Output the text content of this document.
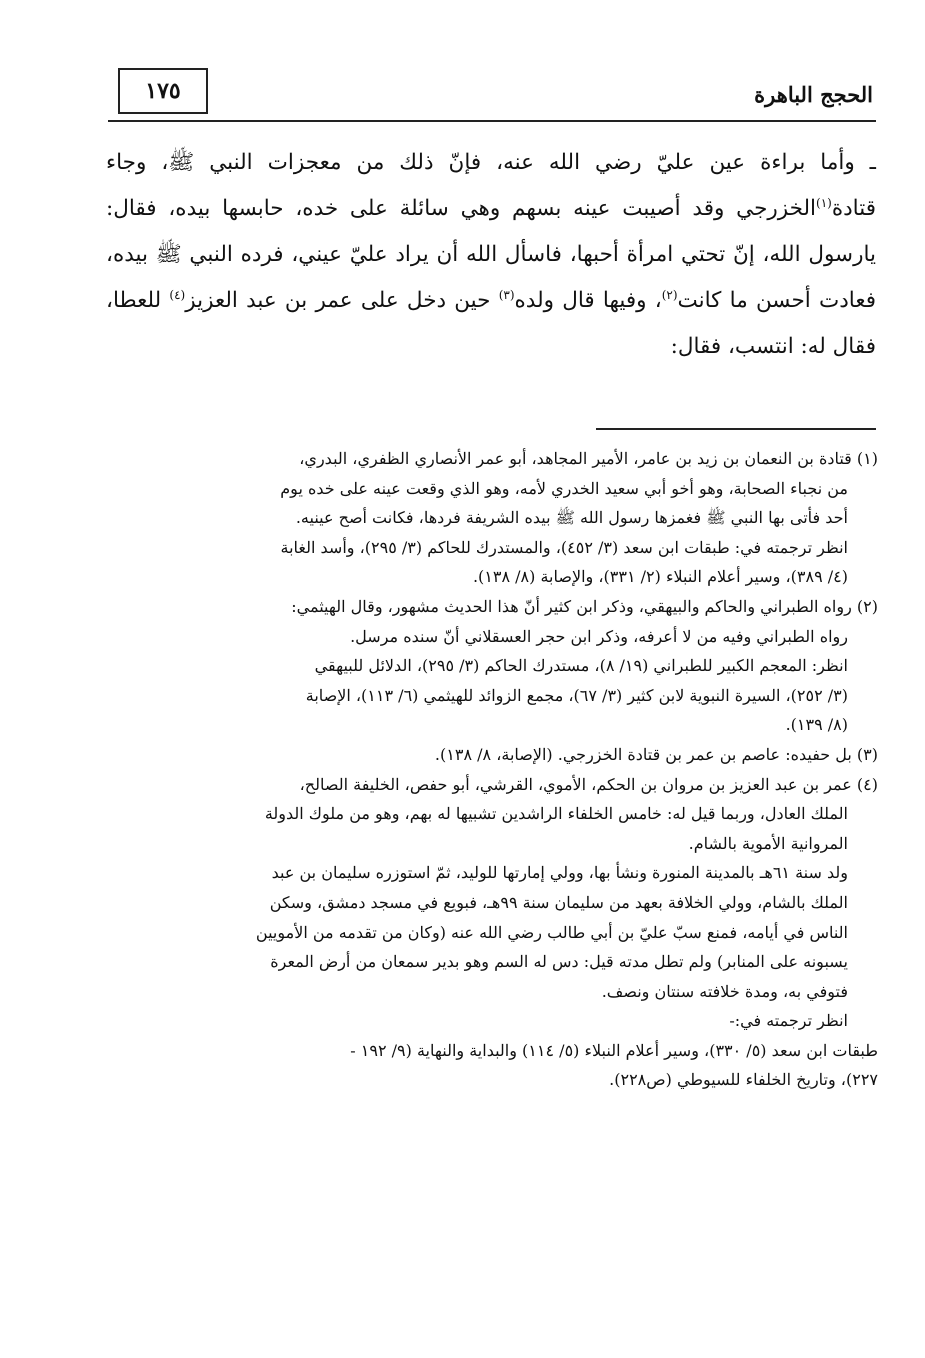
١٧٥	الحجج الباهرة

ـ وأما براءة عين عليّ رضي الله عنه، فإنّ ذلك من معجزات النبي ﷺ، وجاء قتادة$^{(١)}$الخزرجي وقد أصيبت عينه بسهم وهي سائلة على خده، حابسها بيده، فقال: يارسول الله، إنّ تحتي امرأة أحبها، فاسأل الله أن يراد عليّ عيني، فرده النبي ﷺ بيده، فعادت أحسن ما كانت$^{(٢)}$، وفيها قال ولده$^{(٣)}$ حين دخل على عمر بن عبد العزيز$^{(٤)}$ للعطا، فقال له: انتسب، فقال:

(١) قتادة بن النعمان بن زيد بن عامر، الأمير المجاهد، أبو عمر الأنصاري الظفري، البدري،
من نجباء الصحابة، وهو أخو أبي سعيد الخدري لأمه، وهو الذي وقعت عينه على خده يوم
أحد فأتى بها النبي ﷺ فغمزها رسول الله ﷺ بيده الشريفة فردها، فكانت أصح عينيه.
انظر ترجمته في: طبقات ابن سعد (٣/ ٤٥٢)، والمستدرك للحاكم (٣/ ٢٩٥)، وأسد الغابة
(٤/ ٣٨٩)، وسير أعلام النبلاء (٢/ ٣٣١)، والإصابة (٨/ ١٣٨).
(٢) رواه الطبراني والحاكم والبيهقي، وذكر ابن كثير أنّ هذا الحديث مشهور، وقال الهيثمي:
رواه الطبراني وفيه من لا أعرفه، وذكر ابن حجر العسقلاني أنّ سنده مرسل.
انظر: المعجم الكبير للطبراني (١٩/ ٨)، مستدرك الحاكم (٣/ ٢٩٥)، الدلائل للبيهقي
(٣/ ٢٥٢)، السيرة النبوية لابن كثير (٣/ ٦٧)، مجمع الزوائد للهيثمي (٦/ ١١٣)، الإصابة
(٨/ ١٣٩).
(٣) بل حفيده: عاصم بن عمر بن قتادة الخزرجي. (الإصابة، ٨/ ١٣٨).
(٤) عمر بن عبد العزيز بن مروان بن الحكم، الأموي، القرشي، أبو حفص، الخليفة الصالح،
الملك العادل، وربما قيل له: خامس الخلفاء الراشدين تشبيها له بهم، وهو من ملوك الدولة
المروانية الأموية بالشام.
ولد سنة ٦١هـ بالمدينة المنورة ونشأ بها، وولي إمارتها للوليد، ثمّ استوزره سليمان بن عبد
الملك بالشام، وولي الخلافة بعهد من سليمان سنة ٩٩هـ، فبويع في مسجد دمشق، وسكن
الناس في أيامه، فمنع سبّ عليّ بن أبي طالب رضي الله عنه (وكان من تقدمه من الأمويين
يسبونه على المنابر) ولم تطل مدته قيل: دس له السم وهو بدير سمعان من أرض المعرة
فتوفي به، ومدة خلافته سنتان ونصف.
انظر ترجمته في:-
طبقات ابن سعد (٥/ ٣٣٠)، وسير أعلام النبلاء (٥/ ١١٤) والبداية والنهاية (٩/ ١٩٢ -
٢٢٧)، وتاريخ الخلفاء للسيوطي (ص٢٢٨).
